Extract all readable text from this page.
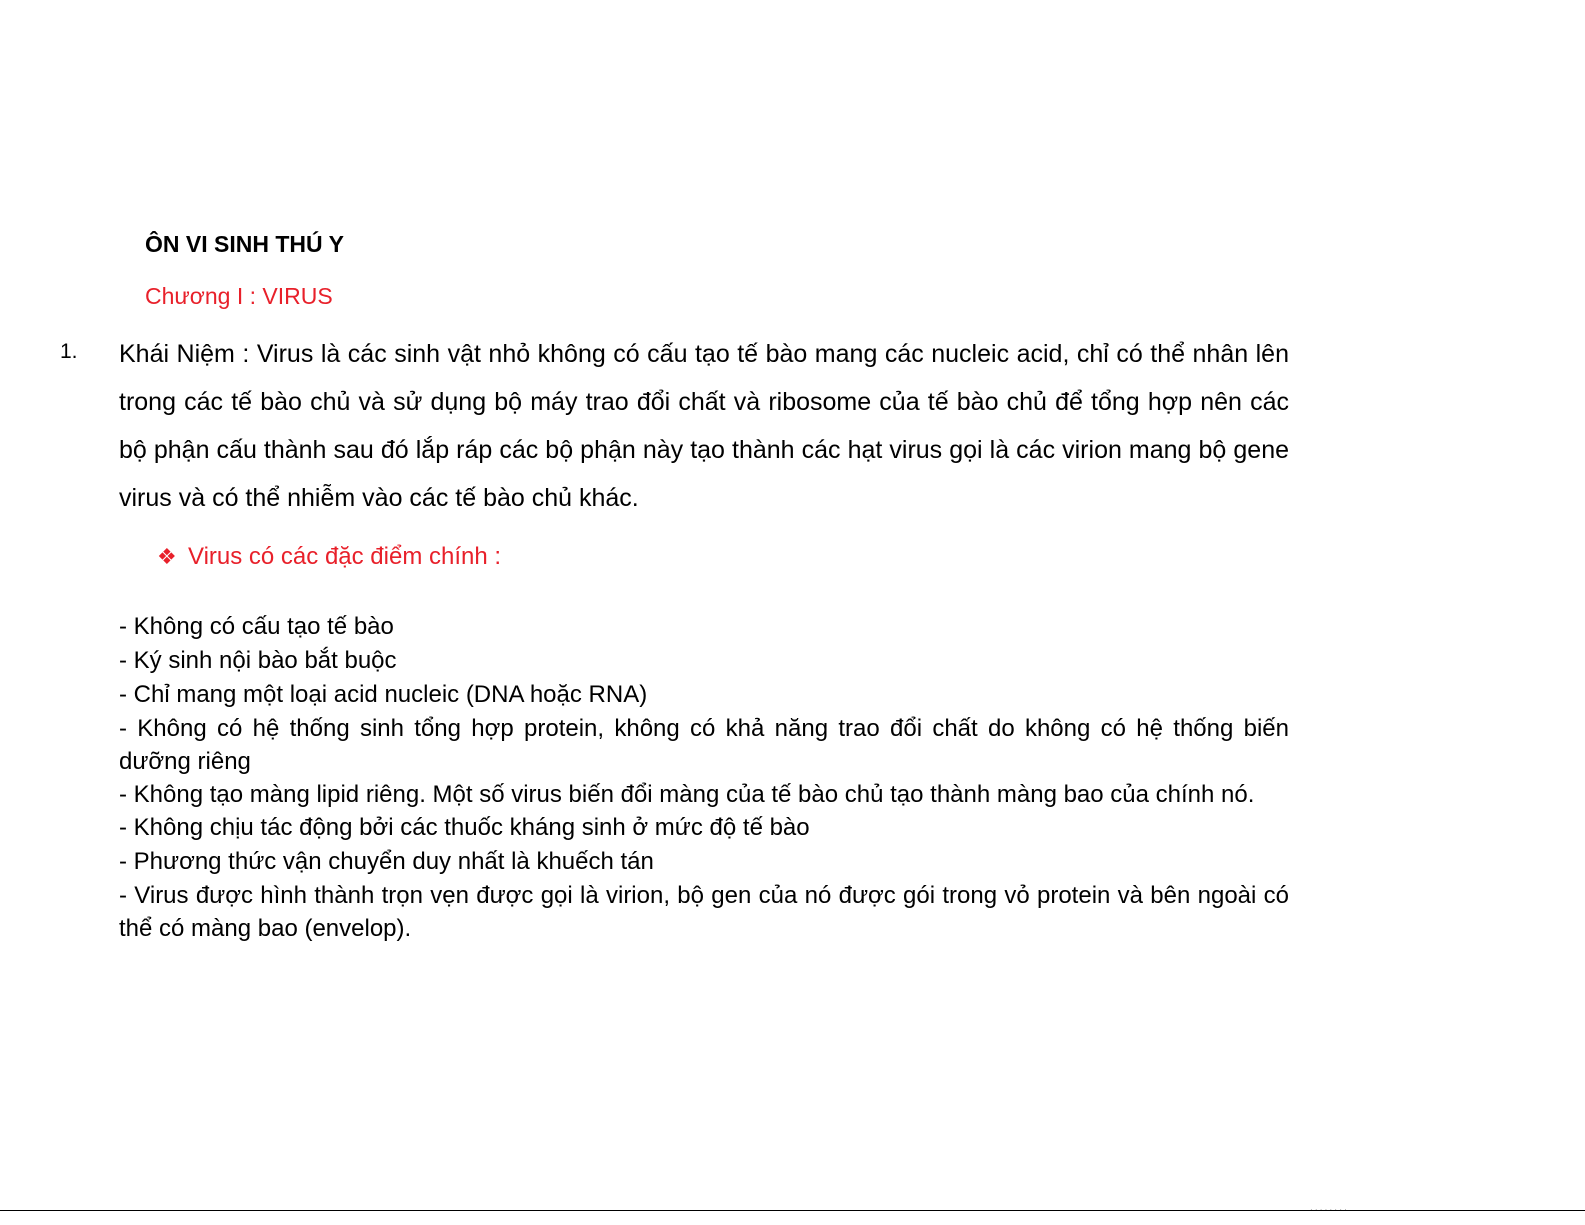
ÔN VI SINH THÚ Y
Chương I : VIRUS
1. Khái Niệm : Virus là các sinh vật nhỏ không có cấu tạo tế bào mang các nucleic acid, chỉ có thể nhân lên trong các tế bào chủ và sử dụng bộ máy trao đổi chất và ribosome của tế bào chủ để tổng hợp nên các bộ phận cấu thành sau đó lắp ráp các bộ phận này tạo thành các hạt virus gọi là các virion mang bộ gene virus và có thể nhiễm vào các tế bào chủ khác.

❖ Virus có các đặc điểm chính :
- Không có cấu tạo tế bào
- Ký sinh nội bào bắt buộc
- Chỉ mang một loại acid nucleic (DNA hoặc RNA)
- Không có hệ thống sinh tổng hợp protein, không có khả năng trao đổi chất do không có hệ thống biến dưỡng riêng
- Không tạo màng lipid riêng. Một số virus biến đổi màng của tế bào chủ tạo thành màng bao của chính nó.
- Không chịu tác động bởi các thuốc kháng sinh ở mức độ tế bào
- Phương thức vận chuyển duy nhất là khuếch tán
- Virus được hình thành trọn vẹn được gọi là virion, bộ gen của nó được gói trong vỏ protein và bên ngoài có thể có màng bao (envelop).
· · · · · · · ·
